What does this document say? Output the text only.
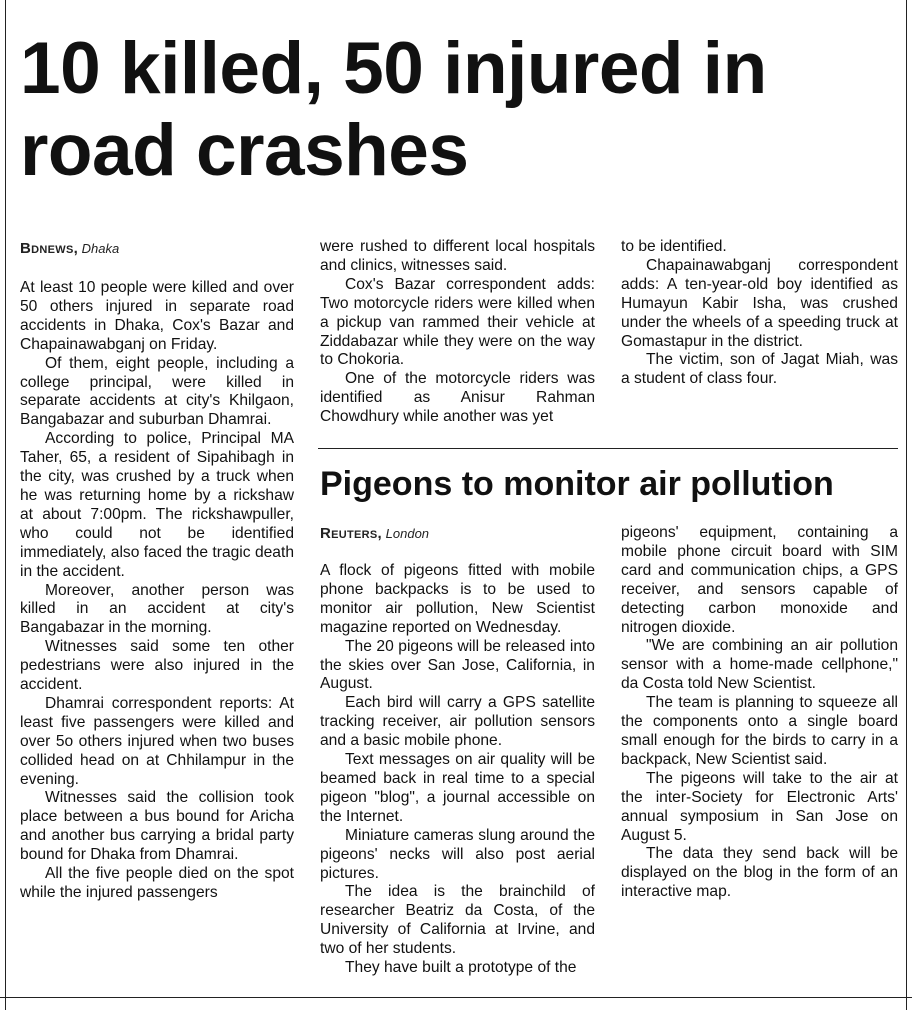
10 killed, 50 injured in road crashes

Bdnews, Dhaka

At least 10 people were killed and over 50 others injured in separate road accidents in Dhaka, Cox's Bazar and Chapainawabganj on Friday.

Of them, eight people, including a college principal, were killed in separate accidents at city's Khilgaon, Bangabazar and suburban Dhamrai.

According to police, Principal MA Taher, 65, a resident of Sipahibagh in the city, was crushed by a truck when he was returning home by a rickshaw at about 7:00pm. The rickshawpuller, who could not be identified immediately, also faced the tragic death in the accident.

Moreover, another person was killed in an accident at city's Bangabazar in the morning.

Witnesses said some ten other pedestrians were also injured in the accident.

Dhamrai correspondent reports: At least five passengers were killed and over 5o others injured when two buses collided head on at Chhilampur in the evening.

Witnesses said the collision took place between a bus bound for Aricha and another bus carrying a bridal party bound for Dhaka from Dhamrai.

All the five people died on the spot while the injured passengers

were rushed to different local hospitals and clinics, witnesses said.

Cox's Bazar correspondent adds: Two motorcycle riders were killed when a pickup van rammed their vehicle at Ziddabazar while they were on the way to Chokoria.

One of the motorcycle riders was identified as Anisur Rahman Chowdhury while another was yet

to be identified.

Chapainawabganj correspondent adds: A ten-year-old boy identified as Humayun Kabir Isha, was crushed under the wheels of a speeding truck at Gomastapur in the district.

The victim, son of Jagat Miah, was a student of class four.

Pigeons to monitor air pollution

Reuters, London

A flock of pigeons fitted with mobile phone backpacks is to be used to monitor air pollution, New Scientist magazine reported on Wednesday.

The 20 pigeons will be released into the skies over San Jose, California, in August.

Each bird will carry a GPS satellite tracking receiver, air pollution sensors and a basic mobile phone.

Text messages on air quality will be beamed back in real time to a special pigeon "blog", a journal accessible on the Internet.

Miniature cameras slung around the pigeons' necks will also post aerial pictures.

The idea is the brainchild of researcher Beatriz da Costa, of the University of California at Irvine, and two of her students.

They have built a prototype of the

pigeons' equipment, containing a mobile phone circuit board with SIM card and communication chips, a GPS receiver, and sensors capable of detecting carbon monoxide and nitrogen dioxide.

"We are combining an air pollution sensor with a home-made cellphone," da Costa told New Scientist.

The team is planning to squeeze all the components onto a single board small enough for the birds to carry in a backpack, New Scientist said.

The pigeons will take to the air at the inter-Society for Electronic Arts' annual symposium in San Jose on August 5.

The data they send back will be displayed on the blog in the form of an interactive map.
